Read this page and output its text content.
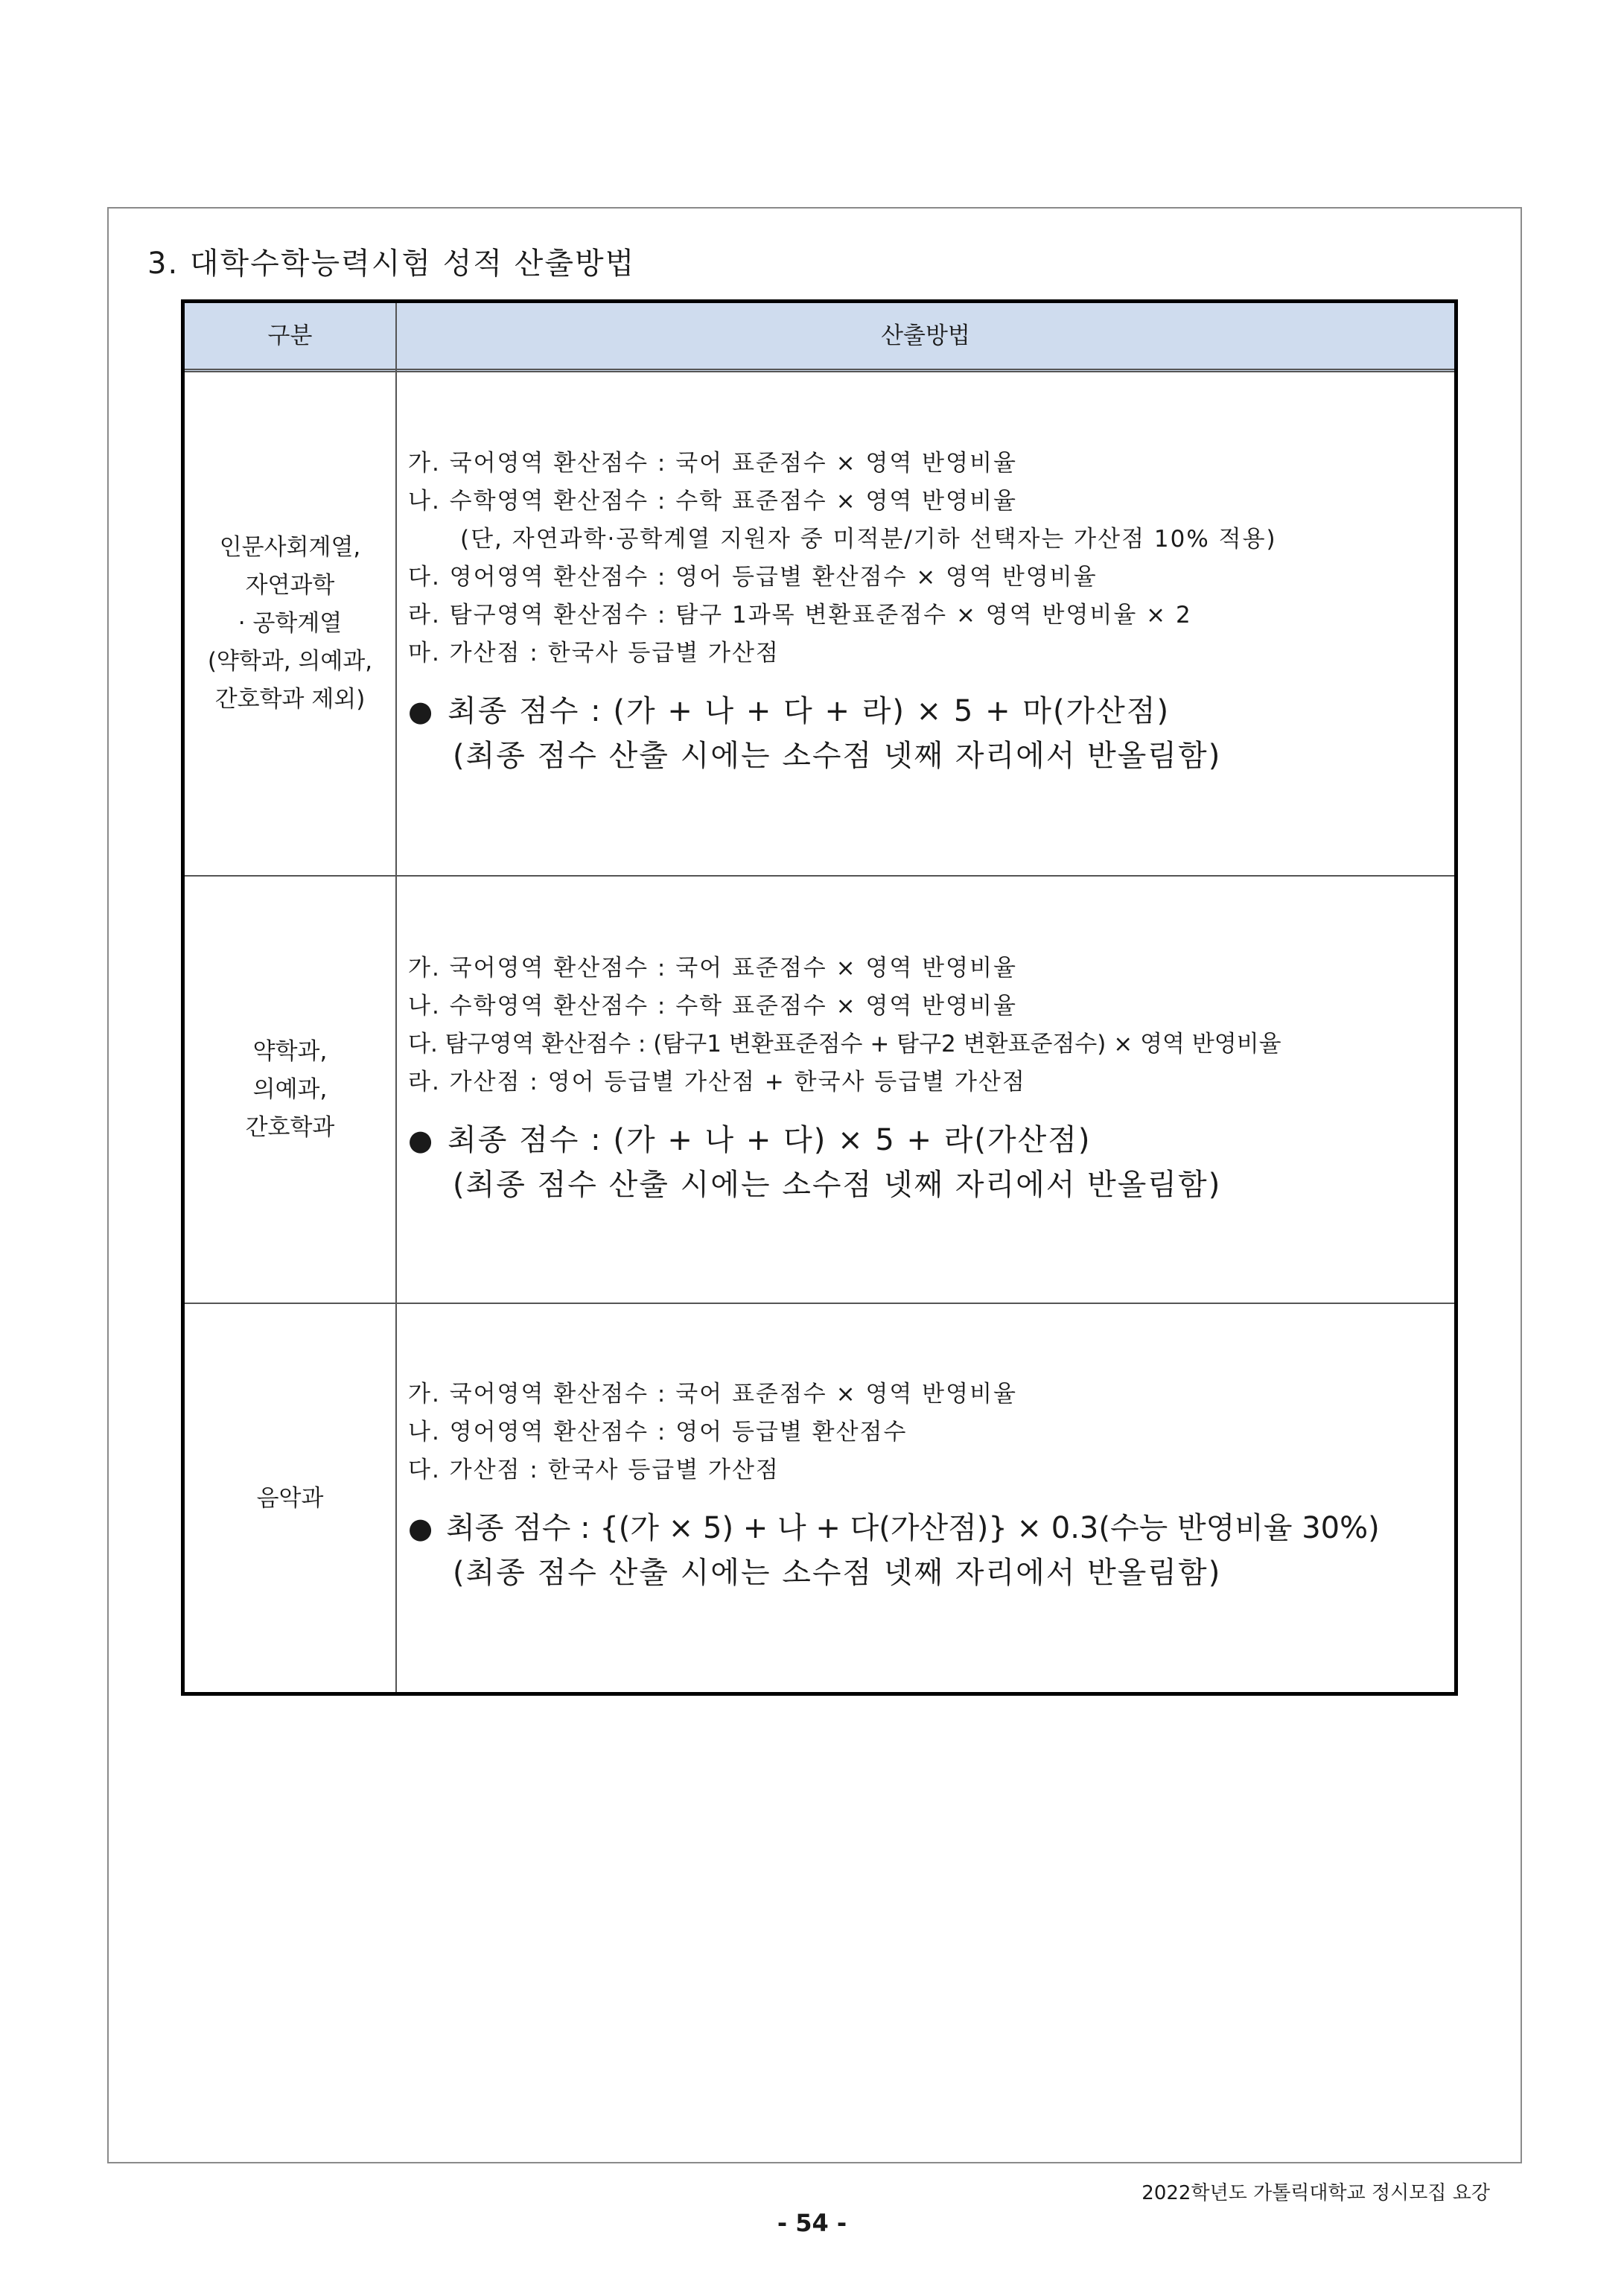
3. 대학수학능력시험 성적 산출방법
구분	산출방법
인문사회계열,
자연과학
· 공학계열
(약학과, 의예과,
간호학과 제외)
가. 국어영역 환산점수 : 국어 표준점수 × 영역 반영비율
나. 수학영역 환산점수 : 수학 표준점수 × 영역 반영비율
(단, 자연과학·공학계열 지원자 중 미적분/기하 선택자는 가산점 10% 적용)
다. 영어영역 환산점수 : 영어 등급별 환산점수 × 영역 반영비율
라. 탐구영역 환산점수 : 탐구 1과목 변환표준점수 × 영역 반영비율 × 2
마. 가산점 : 한국사 등급별 가산점
● 최종 점수 : (가 + 나 + 다 + 라) × 5 + 마(가산점)
(최종 점수 산출 시에는 소수점 넷째 자리에서 반올림함)
약학과,
의예과,
간호학과
가. 국어영역 환산점수 : 국어 표준점수 × 영역 반영비율
나. 수학영역 환산점수 : 수학 표준점수 × 영역 반영비율
다. 탐구영역 환산점수 : (탐구1 변환표준점수 + 탐구2 변환표준점수) × 영역 반영비율
라. 가산점 : 영어 등급별 가산점 + 한국사 등급별 가산점
● 최종 점수 : (가 + 나 + 다) × 5 + 라(가산점)
(최종 점수 산출 시에는 소수점 넷째 자리에서 반올림함)
음악과
가. 국어영역 환산점수 : 국어 표준점수 × 영역 반영비율
나. 영어영역 환산점수 : 영어 등급별 환산점수
다. 가산점 : 한국사 등급별 가산점
● 최종 점수 : {(가 × 5) + 나 + 다(가산점)} × 0.3(수능 반영비율 30%)
(최종 점수 산출 시에는 소수점 넷째 자리에서 반올림함)
2022학년도 가톨릭대학교 정시모집 요강
- 54 -
